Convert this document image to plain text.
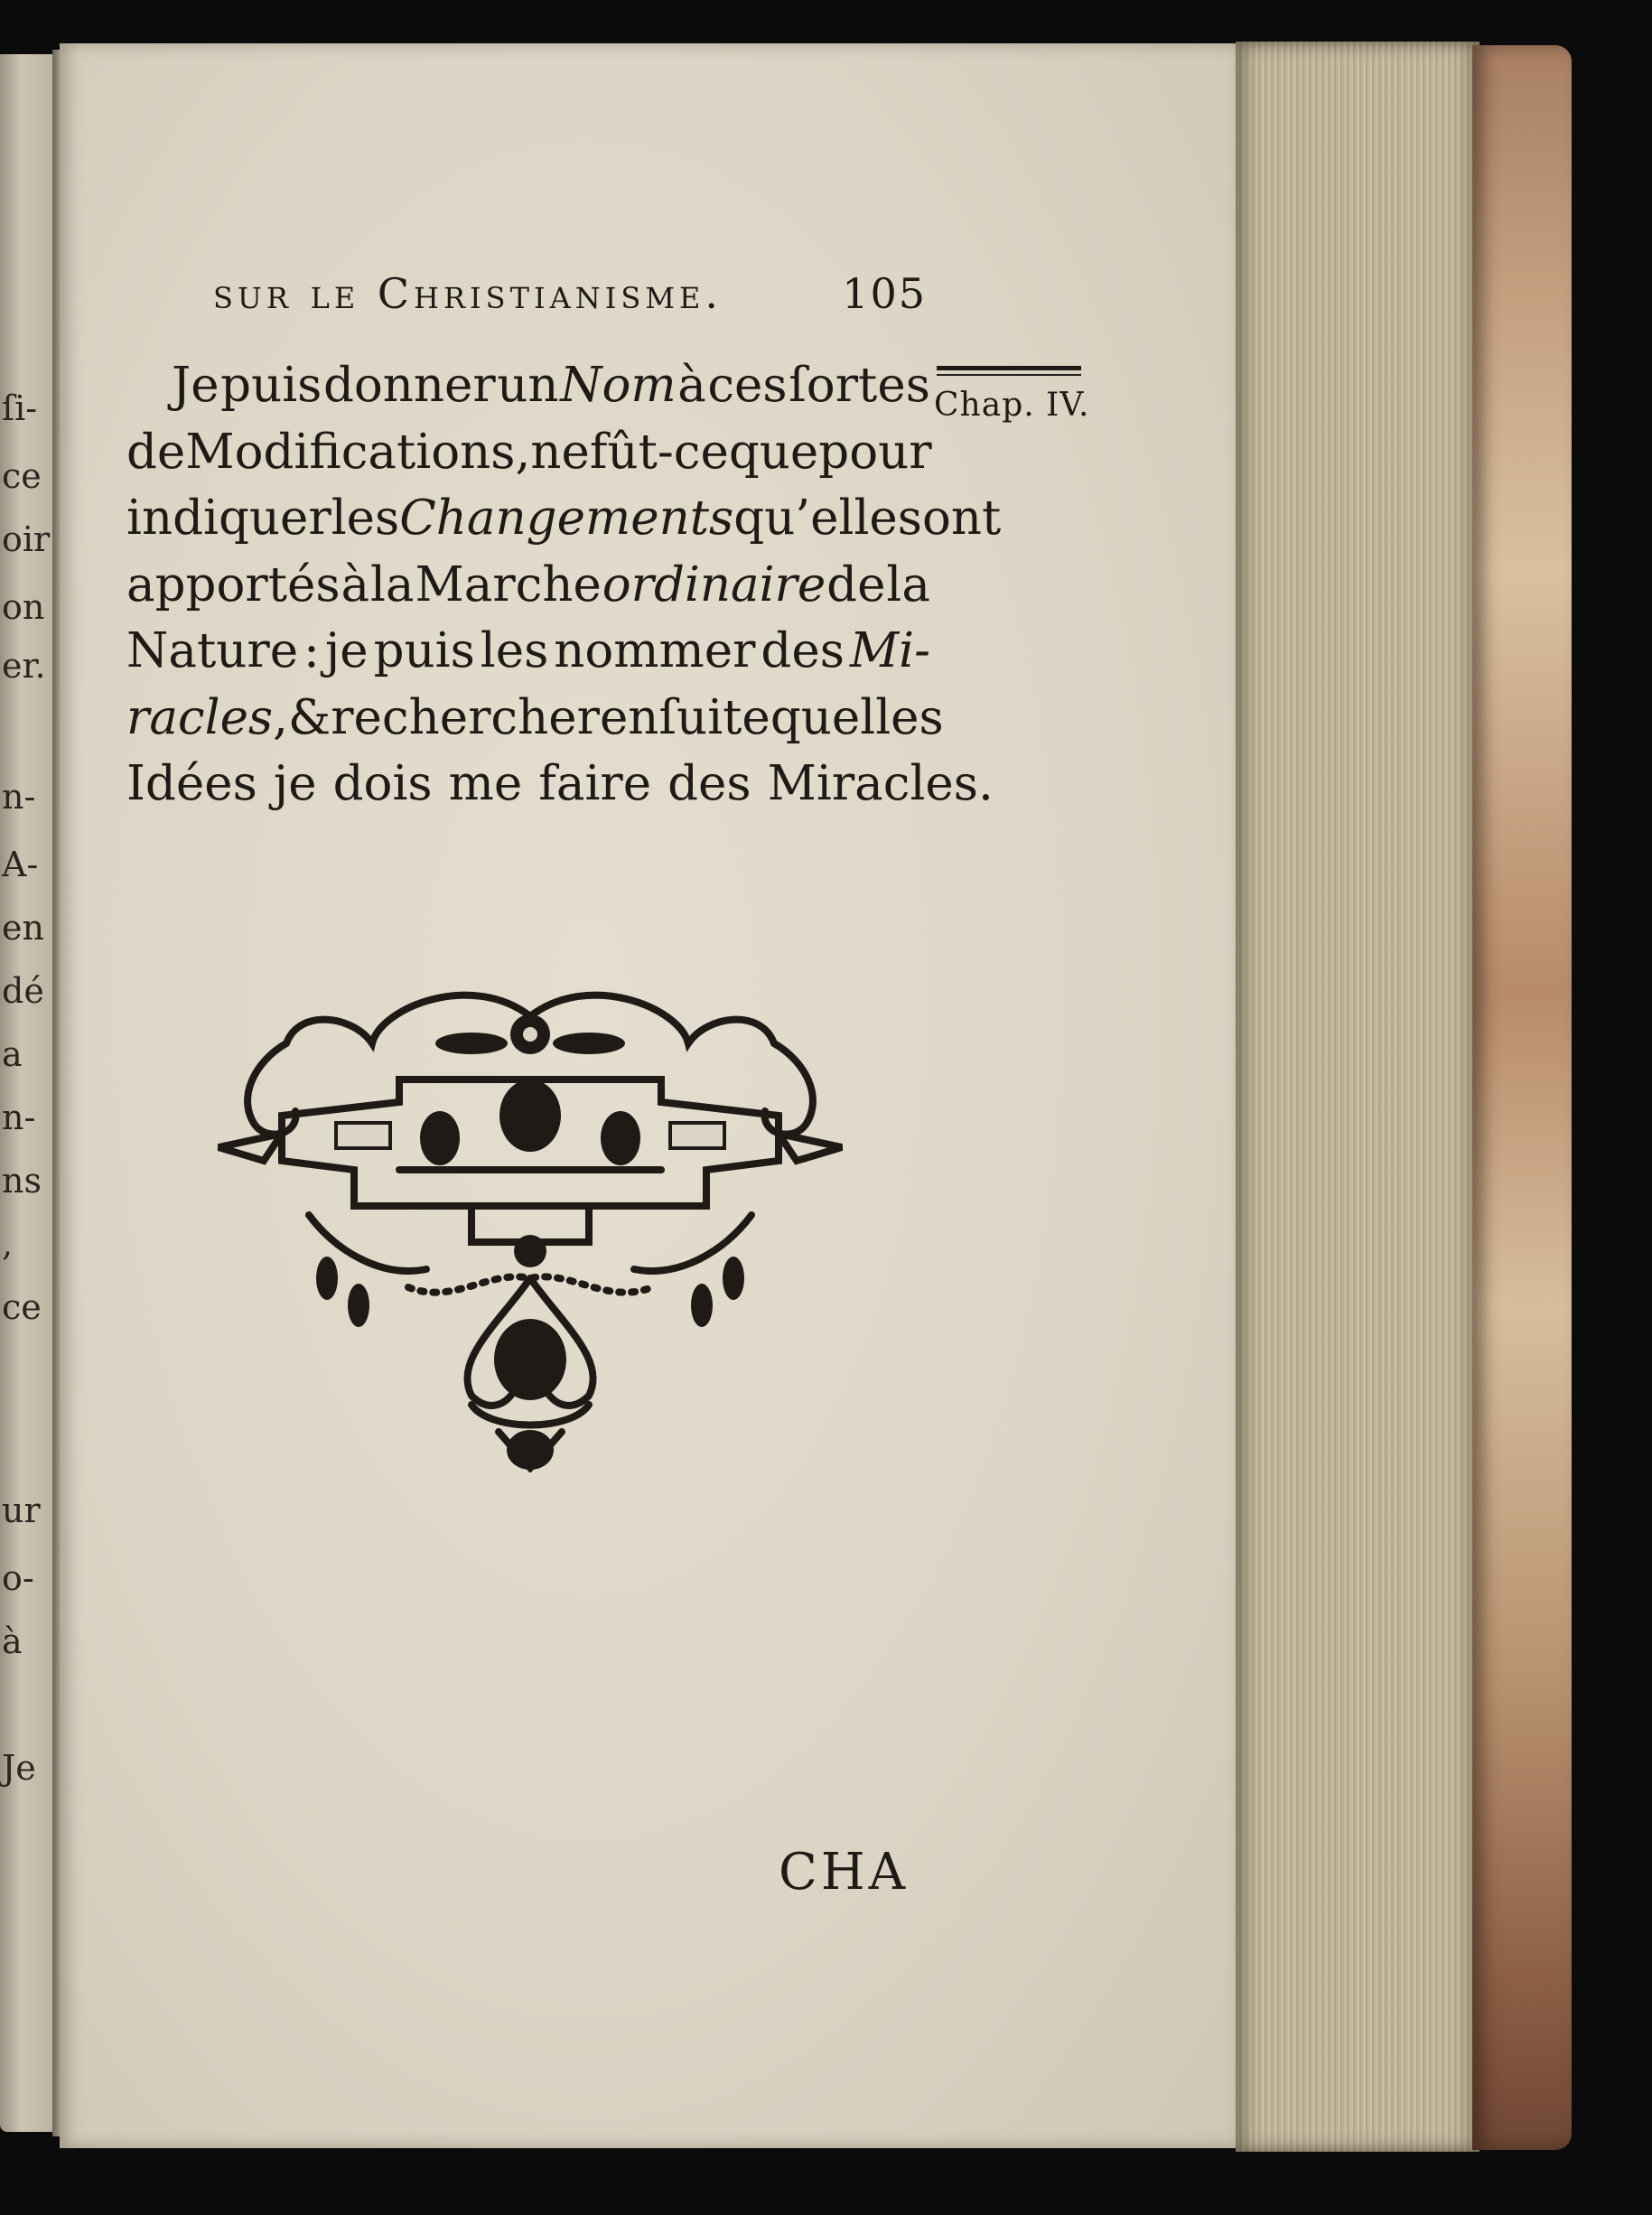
ſi-
ce
oir
on
er.
n-
A-
en
dé
a
n-
ns
,
ce
ur
o-
à
Je
sur le Christianisme.	105
Chap. IV.
Je puis donner un Nom à ces ſortes
de Modifications , ne fût-ce que pour
indiquer les Changements qu’elles ont
apportés à la Marche ordinaire de la
Nature : je puis les nommer des Mi-
racles , & rechercher enſuite quelles
Idées je dois me faire des Miracles.
CHA
